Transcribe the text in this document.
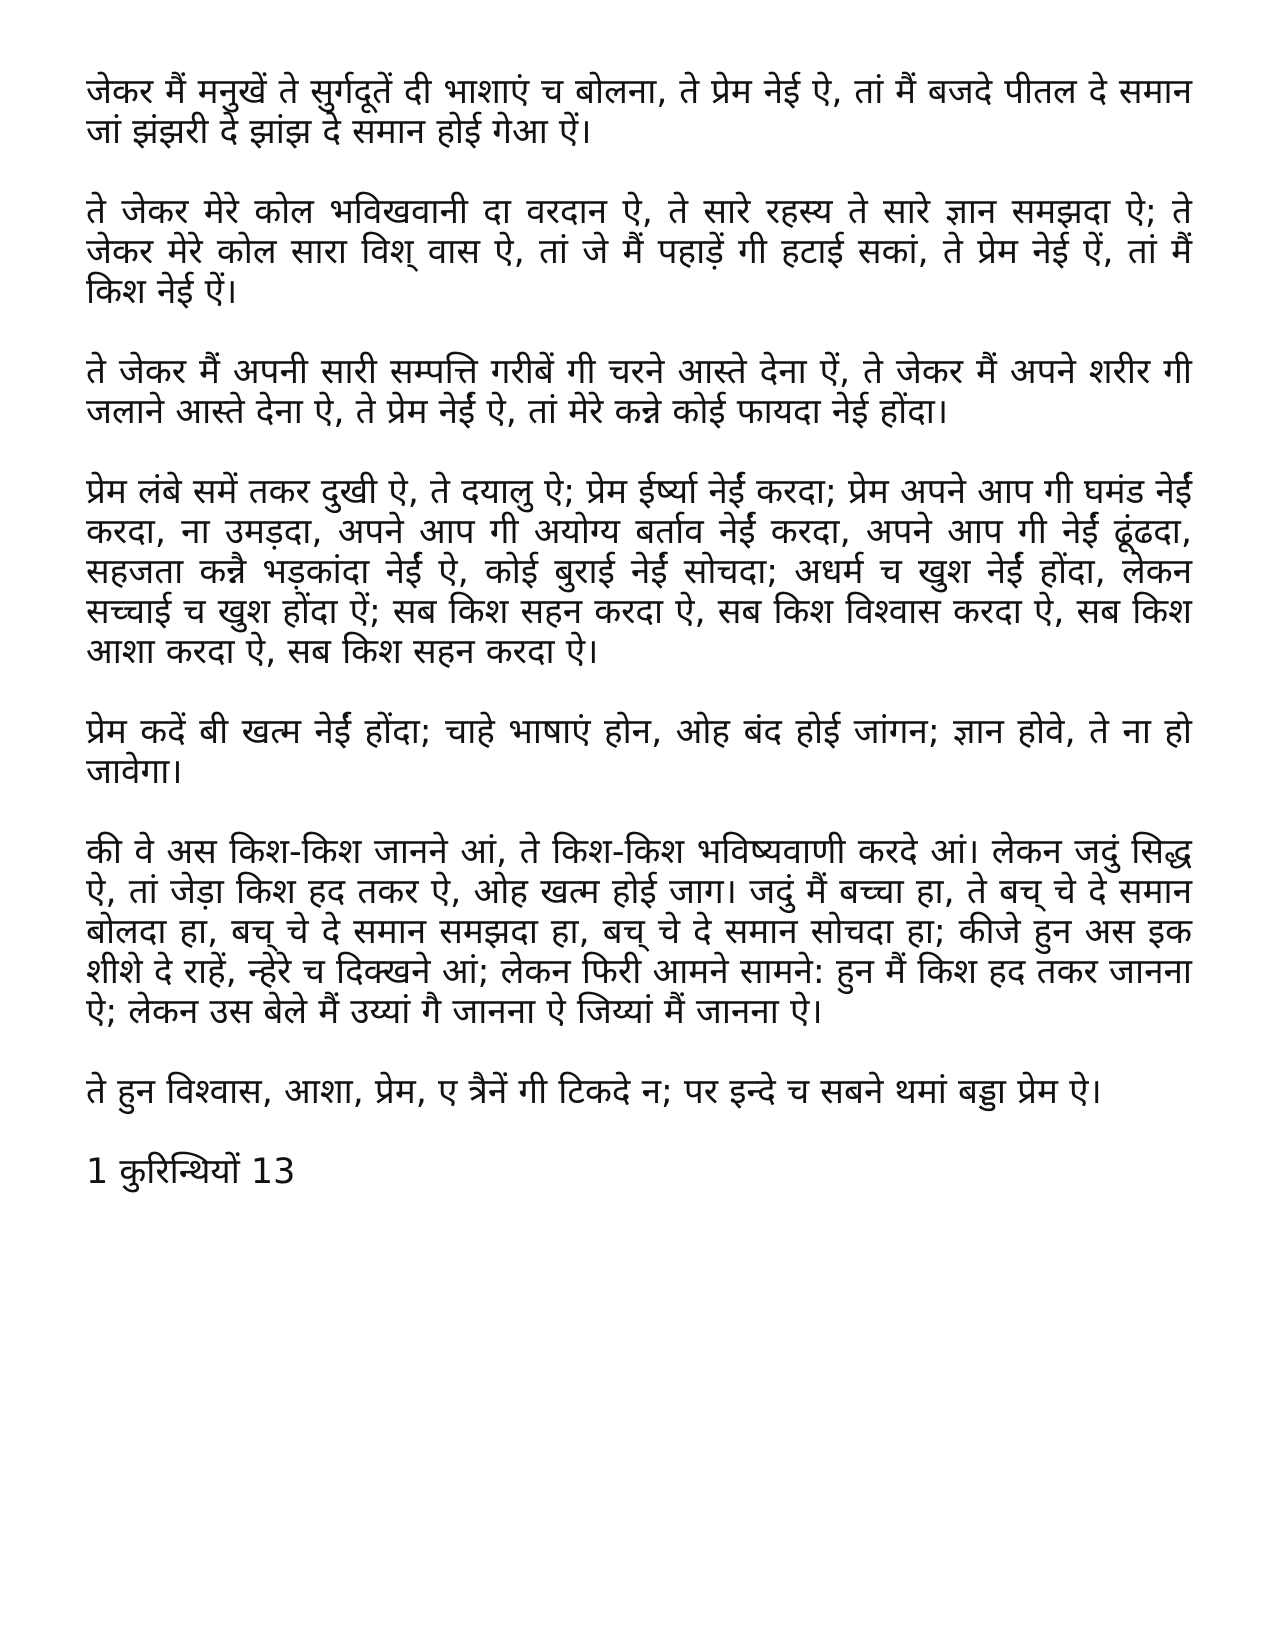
जेकर मैं मनुखें ते सुर्गदूतें दी भाशाएं च बोलना, ते प्रेम नेई ऐ, तां मैं बजदे पीतल दे समान जां झंझरी दे झांझ दे समान होई गेआ ऐं।

ते जेकर मेरे कोल भविखवानी दा वरदान ऐ, ते सारे रहस्य ते सारे ज्ञान समझदा ऐ; ते जेकर मेरे कोल सारा विश् वास ऐ, तां जे मैं पहाड़ें गी हटाई सकां, ते प्रेम नेई ऐं, तां मैं किश नेई ऐं।

ते जेकर मैं अपनी सारी सम्पत्ति गरीबें गी चरने आस्ते देना ऐं, ते जेकर मैं अपने शरीर गी जलाने आस्ते देना ऐ, ते प्रेम नेईं ऐ, तां मेरे कन्ने कोई फायदा नेई होंदा।

प्रेम लंबे समें तकर दुखी ऐ, ते दयालु ऐ; प्रेम ईर्ष्या नेईं करदा; प्रेम अपने आप गी घमंड नेईं करदा, ना उमड़दा, अपने आप गी अयोग्य बर्ताव नेईं करदा, अपने आप गी नेईं ढूंढदा, सहजता कन्नै भड़कांदा नेईं ऐ, कोई बुराई नेईं सोचदा; अधर्म च खुश नेईं होंदा, लेकन सच्चाई च खुश होंदा ऐं; सब किश सहन करदा ऐ, सब किश विश्वास करदा ऐ, सब किश आशा करदा ऐ, सब किश सहन करदा ऐ।

प्रेम कदें बी खत्म नेईं होंदा; चाहे भाषाएं होन, ओह बंद होई जांगन; ज्ञान होवे, ते ना हो जावेगा।

की वे अस किश-किश जानने आं, ते किश-किश भविष्यवाणी करदे आं। लेकन जदुं सिद्ध ऐ, तां जेड़ा किश हद तकर ऐ, ओह खत्म होई जाग। जदुं मैं बच्चा हा, ते बच् चे दे समान बोलदा हा, बच् चे दे समान समझदा हा, बच् चे दे समान सोचदा हा; कीजे हुन अस इक शीशे दे राहें, न्हेरे च दिक्खने आं; लेकन फिरी आमने सामने: हुन मैं किश हद तकर जानना ऐ; लेकन उस बेले मैं उय्यां गै जानना ऐ जिय्यां मैं जानना ऐ।

ते हुन विश्वास, आशा, प्रेम, ए त्रैनें गी टिकदे न; पर इन्दे च सबने थमां बड्डा प्रेम ऐ।

1 कुरिन्थियों 13
